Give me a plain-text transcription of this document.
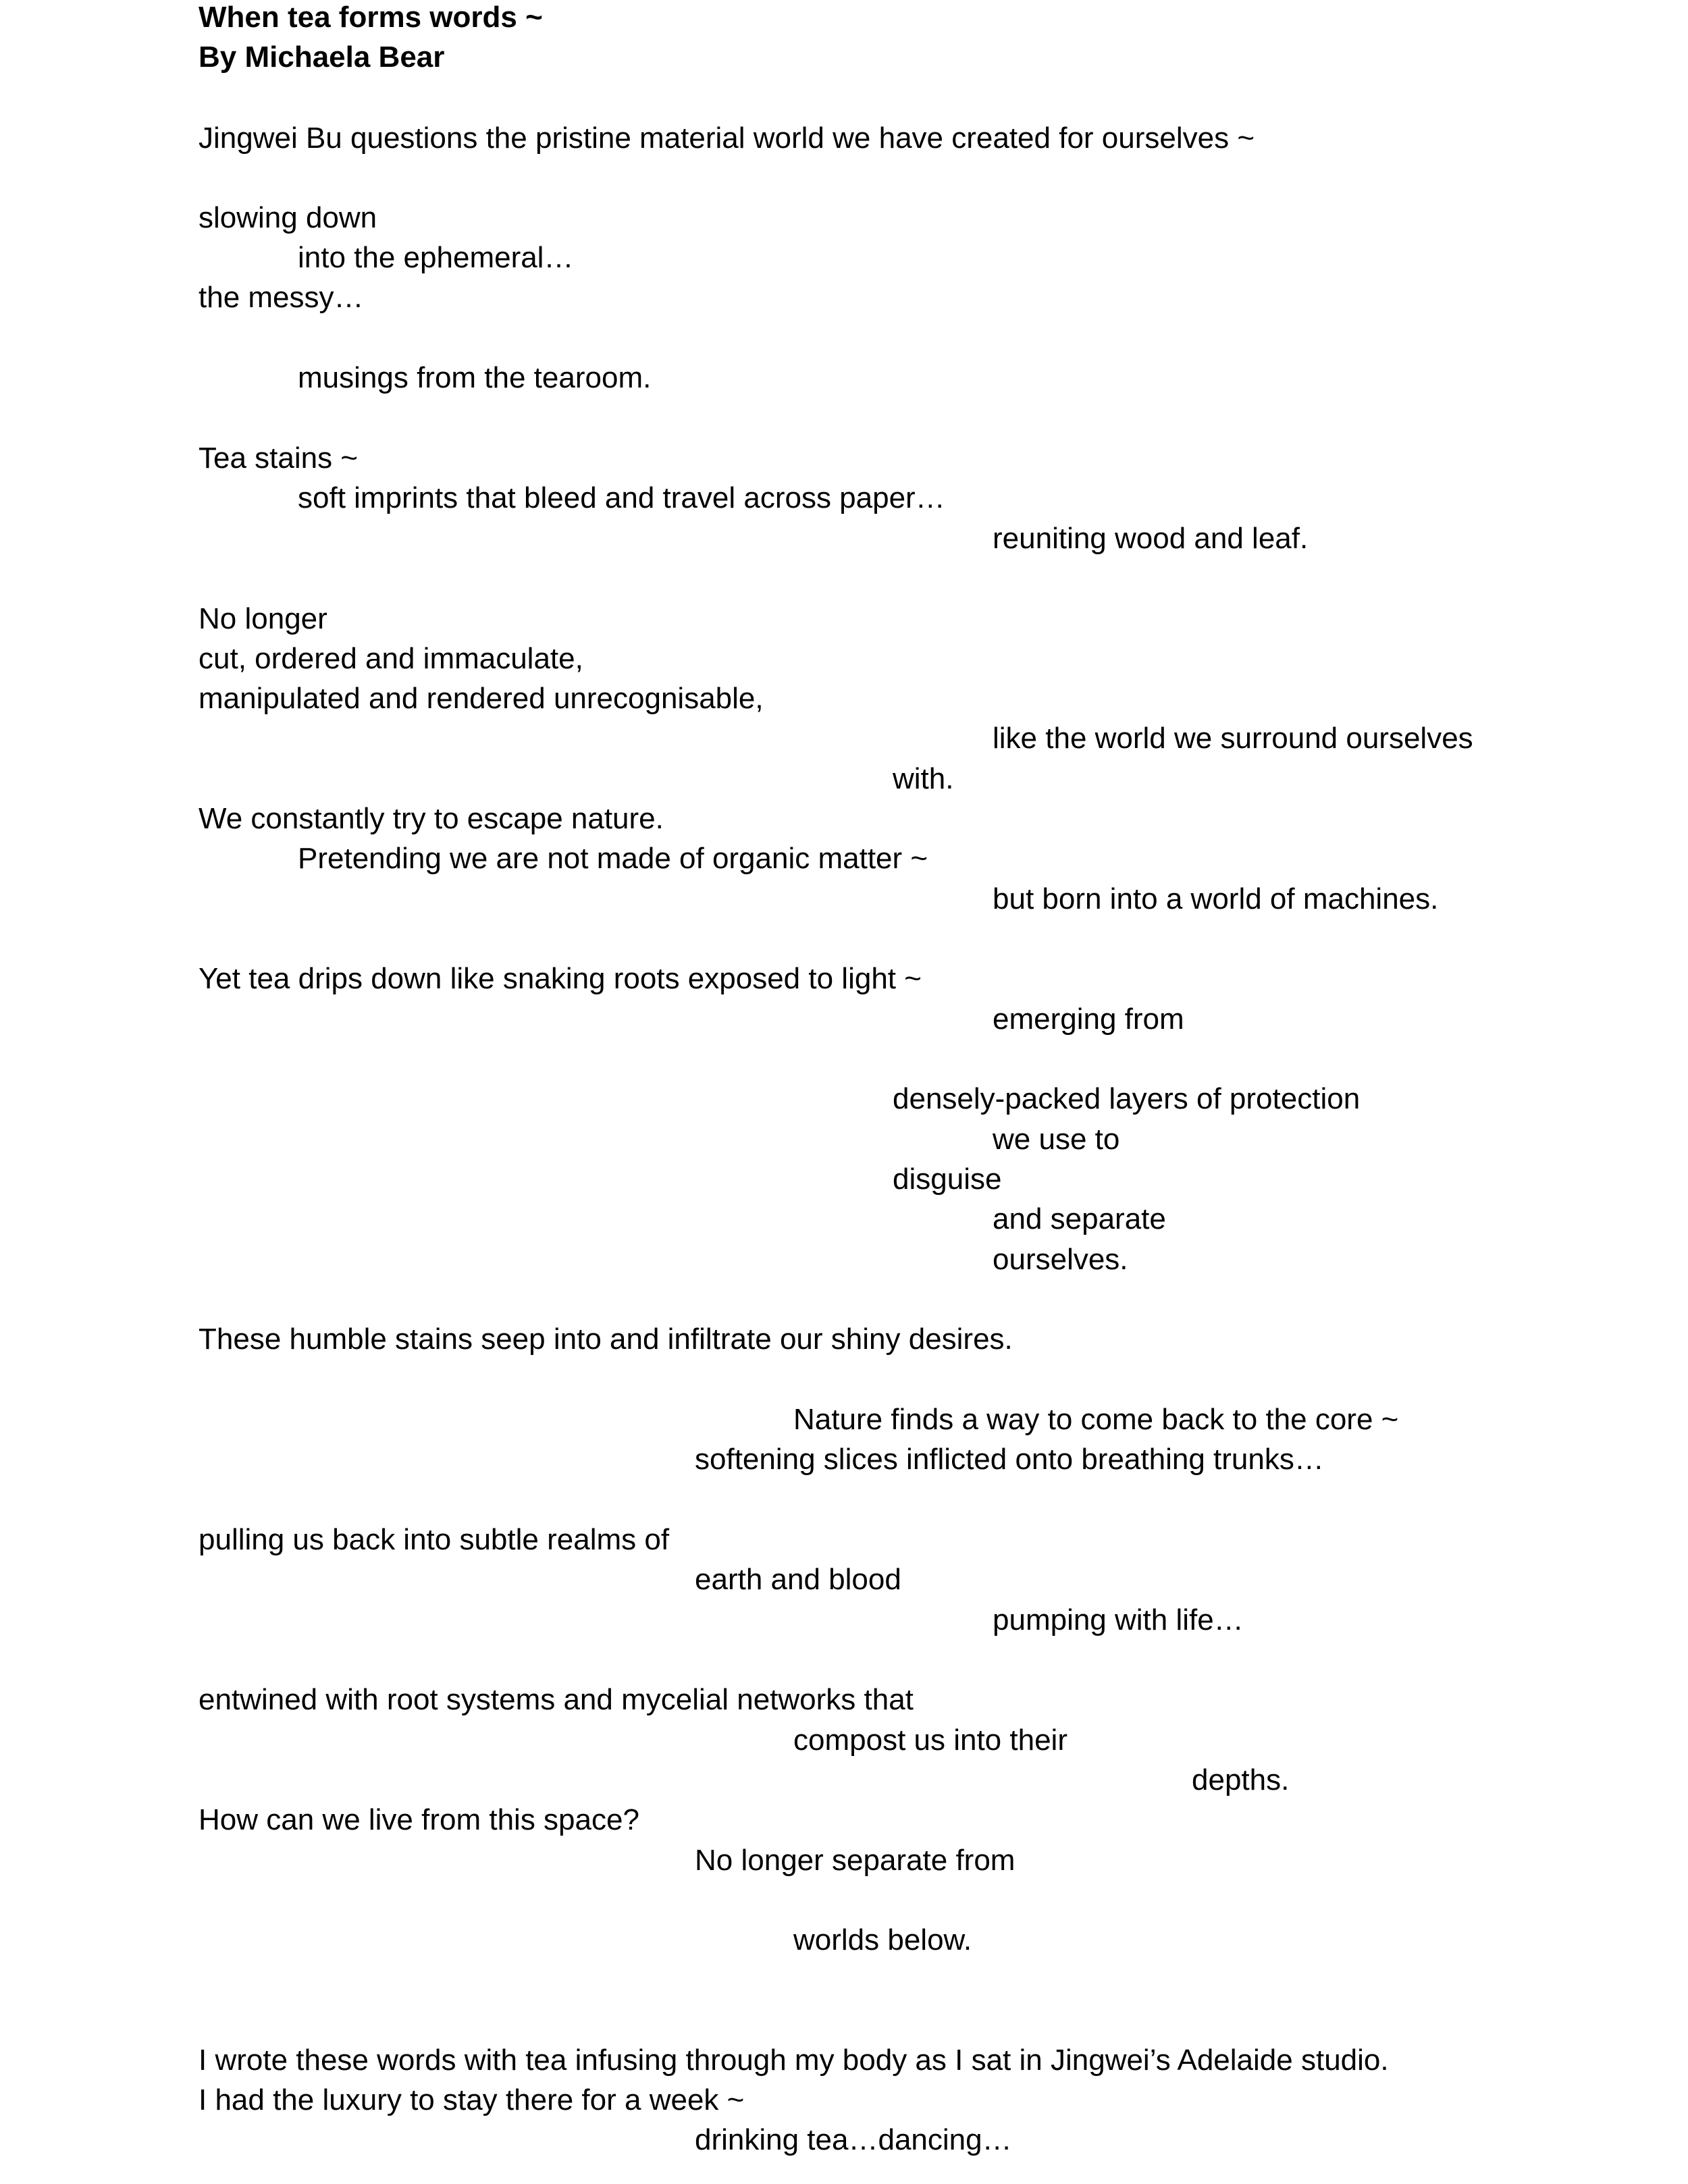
When tea forms words ~
By Michaela Bear
Jingwei Bu questions the pristine material world we have created for ourselves ~
slowing down
into the ephemeral…
the messy…
musings from the tearoom.
Tea stains ~
soft imprints that bleed and travel across paper…
reuniting wood and leaf.
No longer
cut, ordered and immaculate,
manipulated and rendered unrecognisable,
like the world we surround ourselves
with.
We constantly try to escape nature.
Pretending we are not made of organic matter ~
but born into a world of machines.
Yet tea drips down like snaking roots exposed to light ~
emerging from
densely-packed layers of protection
we use to
disguise
and separate
ourselves.
These humble stains seep into and infiltrate our shiny desires.
Nature finds a way to come back to the core ~
softening slices inflicted onto breathing trunks…
pulling us back into subtle realms of
earth and blood
pumping with life…
entwined with root systems and mycelial networks that
compost us into their
depths.
How can we live from this space?
No longer separate from
worlds below.
I wrote these words with tea infusing through my body as I sat in Jingwei’s Adelaide studio.
I had the luxury to stay there for a week ~
drinking tea…dancing…
